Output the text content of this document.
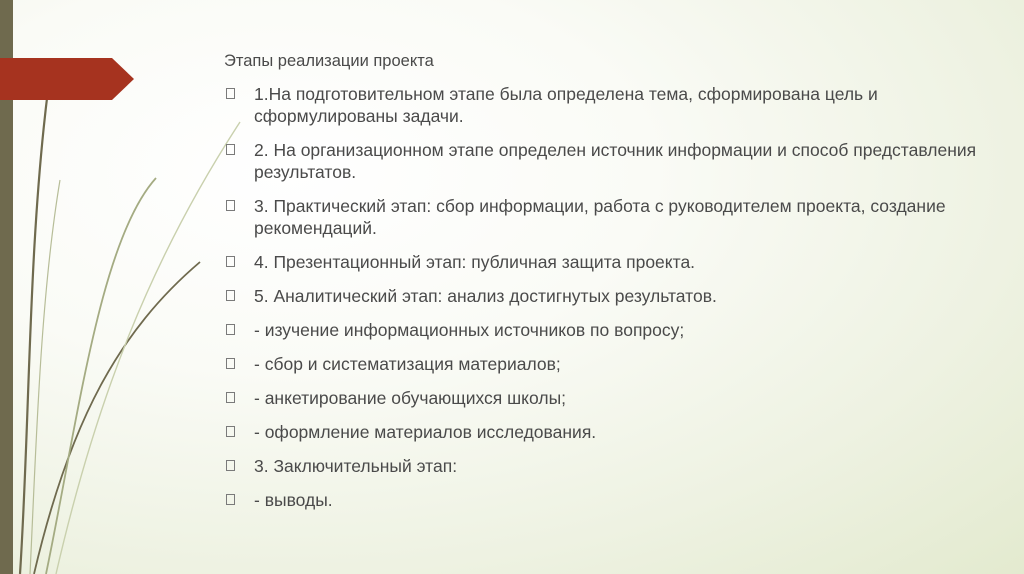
Этапы реализации проекта
1.На подготовительном этапе была определена тема, сформирована цель и сформулированы задачи.
2. На организационном этапе определен источник информации и способ представления результатов.
3. Практический этап: сбор информации, работа с руководителем проекта, создание рекомендаций.
4. Презентационный этап: публичная защита проекта.
5. Аналитический этап: анализ достигнутых результатов.
- изучение информационных источников по вопросу;
- сбор и систематизация материалов;
- анкетирование обучающихся школы;
- оформление материалов исследования.
3. Заключительный этап:
- выводы.
